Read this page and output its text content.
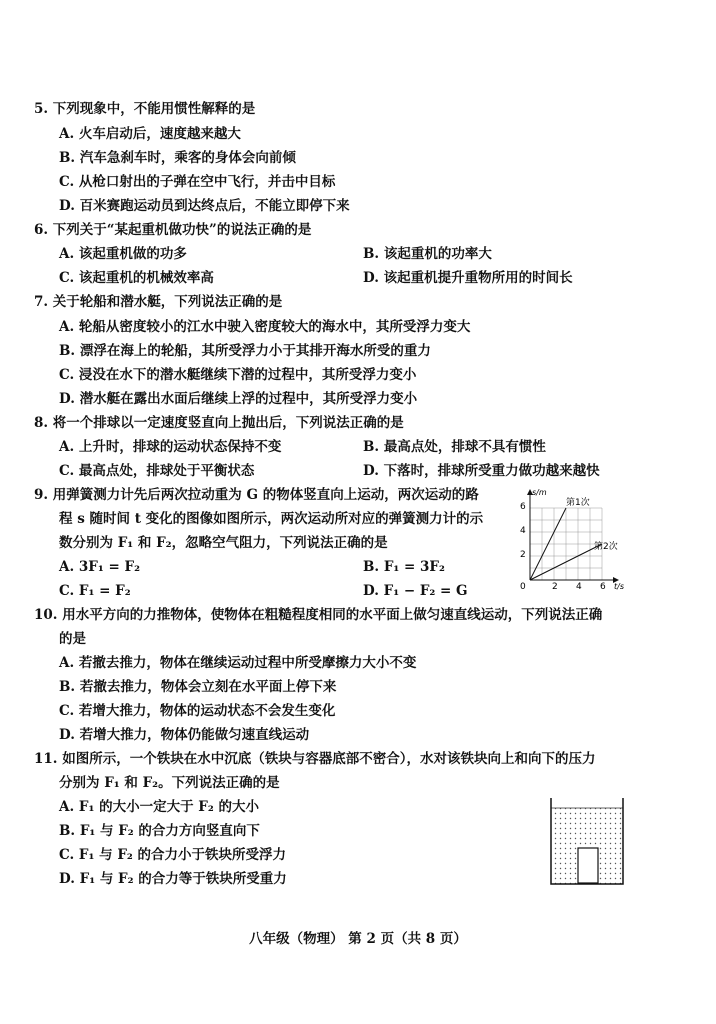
5. 下列现象中，不能用惯性解释的是
A. 火车启动后，速度越来越大
B. 汽车急刹车时，乘客的身体会向前倾
C. 从枪口射出的子弹在空中飞行，并击中目标
D. 百米赛跑运动员到达终点后，不能立即停下来
6. 下列关于“某起重机做功快”的说法正确的是
A. 该起重机做的功多	B. 该起重机的功率大
C. 该起重机的机械效率高	D. 该起重机提升重物所用的时间长
7. 关于轮船和潜水艇，下列说法正确的是
A. 轮船从密度较小的江水中驶入密度较大的海水中，其所受浮力变大
B. 漂浮在海上的轮船，其所受浮力小于其排开海水所受的重力
C. 浸没在水下的潜水艇继续下潜的过程中，其所受浮力变小
D. 潜水艇在露出水面后继续上浮的过程中，其所受浮力变小
8. 将一个排球以一定速度竖直向上抛出后，下列说法正确的是
A. 上升时，排球的运动状态保持不变	B. 最高点处，排球不具有惯性
C. 最高点处，排球处于平衡状态	D. 下落时，排球所受重力做功越来越快
9. 用弹簧测力计先后两次拉动重为 G 的物体竖直向上运动，两次运动的路
程 s 随时间 t 变化的图像如图所示，两次运动所对应的弹簧测力计的示
数分别为 F₁ 和 F₂，忽略空气阻力，下列说法正确的是
A. 3F₁ = F₂	B. F₁ = 3F₂
C. F₁ = F₂	D. F₁ − F₂ = G
s/m
t/s
2
4
6
0	2 4 6
第1次
第2次
10. 用水平方向的力推物体，使物体在粗糙程度相同的水平面上做匀速直线运动，下列说法正确
的是
A. 若撤去推力，物体在继续运动过程中所受摩擦力大小不变
B. 若撤去推力，物体会立刻在水平面上停下来
C. 若增大推力，物体的运动状态不会发生变化
D. 若增大推力，物体仍能做匀速直线运动
11. 如图所示，一个铁块在水中沉底（铁块与容器底部不密合），水对该铁块向上和向下的压力
分别为 F₁ 和 F₂。下列说法正确的是
A. F₁ 的大小一定大于 F₂ 的大小
B. F₁ 与 F₂ 的合力方向竖直向下
C. F₁ 与 F₂ 的合力小于铁块所受浮力
D. F₁ 与 F₂ 的合力等于铁块所受重力
八年级（物理） 第 2 页（共 8 页）
